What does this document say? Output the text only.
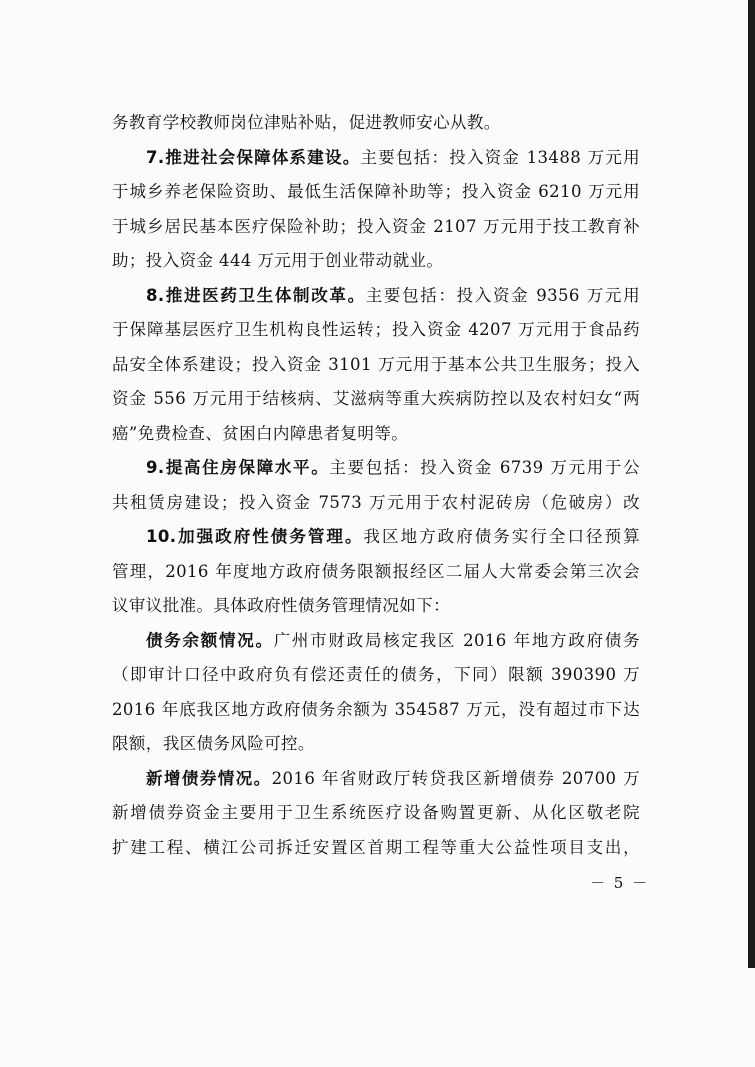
务教育学校教师岗位津贴补贴，促进教师安心从教。
7.推进社会保障体系建设。主要包括：投入资金 13488 万元用
于城乡养老保险资助、最低生活保障补助等；投入资金 6210 万元用
于城乡居民基本医疗保险补助；投入资金 2107 万元用于技工教育补
助；投入资金 444 万元用于创业带动就业。
8.推进医药卫生体制改革。主要包括：投入资金 9356 万元用
于保障基层医疗卫生机构良性运转；投入资金 4207 万元用于食品药
品安全体系建设；投入资金 3101 万元用于基本公共卫生服务；投入
资金 556 万元用于结核病、艾滋病等重大疾病防控以及农村妇女“两
癌”免费检查、贫困白内障患者复明等。
9.提高住房保障水平。主要包括：投入资金 6739 万元用于公
共租赁房建设；投入资金 7573 万元用于农村泥砖房（危破房）改
10.加强政府性债务管理。我区地方政府债务实行全口径预算
管理，2016 年度地方政府债务限额报经区二届人大常委会第三次会
议审议批准。具体政府性债务管理情况如下：
债务余额情况。广州市财政局核定我区 2016 年地方政府债务
（即审计口径中政府负有偿还责任的债务，下同）限额 390390 万
2016 年底我区地方政府债务余额为 354587 万元，没有超过市下达
限额，我区债务风险可控。
新增债券情况。2016 年省财政厅转贷我区新增债券 20700 万
新增债券资金主要用于卫生系统医疗设备购置更新、从化区敬老院
扩建工程、横江公司拆迁安置区首期工程等重大公益性项目支出，
－ 5 －
